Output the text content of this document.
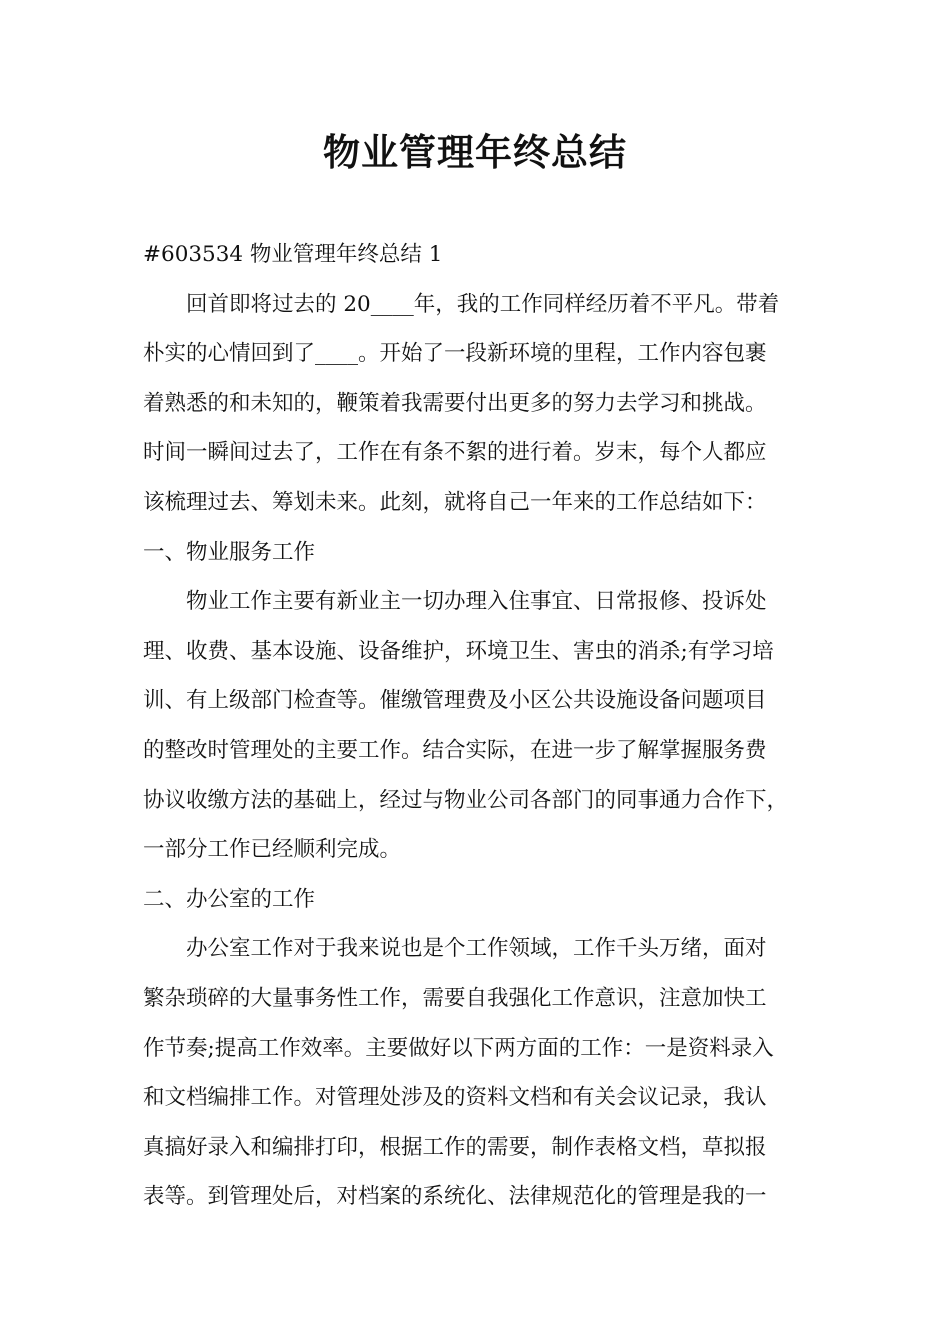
物业管理年终总结

#603534 物业管理年终总结 1

回首即将过去的 20____年，我的工作同样经历着不平凡。带着
朴实的心情回到了____。开始了一段新环境的里程，工作内容包裹
着熟悉的和未知的，鞭策着我需要付出更多的努力去学习和挑战。
时间一瞬间过去了，工作在有条不絮的进行着。岁末，每个人都应
该梳理过去、筹划未来。此刻，就将自己一年来的工作总结如下：

一、物业服务工作

物业工作主要有新业主一切办理入住事宜、日常报修、投诉处
理、收费、基本设施、设备维护，环境卫生、害虫的消杀;有学习培
训、有上级部门检查等。催缴管理费及小区公共设施设备问题项目
的整改时管理处的主要工作。结合实际，在进一步了解掌握服务费
协议收缴方法的基础上，经过与物业公司各部门的同事通力合作下，
一部分工作已经顺利完成。

二、办公室的工作

办公室工作对于我来说也是个工作领域，工作千头万绪，面对
繁杂琐碎的大量事务性工作，需要自我强化工作意识，注意加快工
作节奏;提高工作效率。主要做好以下两方面的工作：一是资料录入
和文档编排工作。对管理处涉及的资料文档和有关会议记录，我认
真搞好录入和编排打印，根据工作的需要，制作表格文档，草拟报
表等。到管理处后，对档案的系统化、法律规范化的管理是我的一
